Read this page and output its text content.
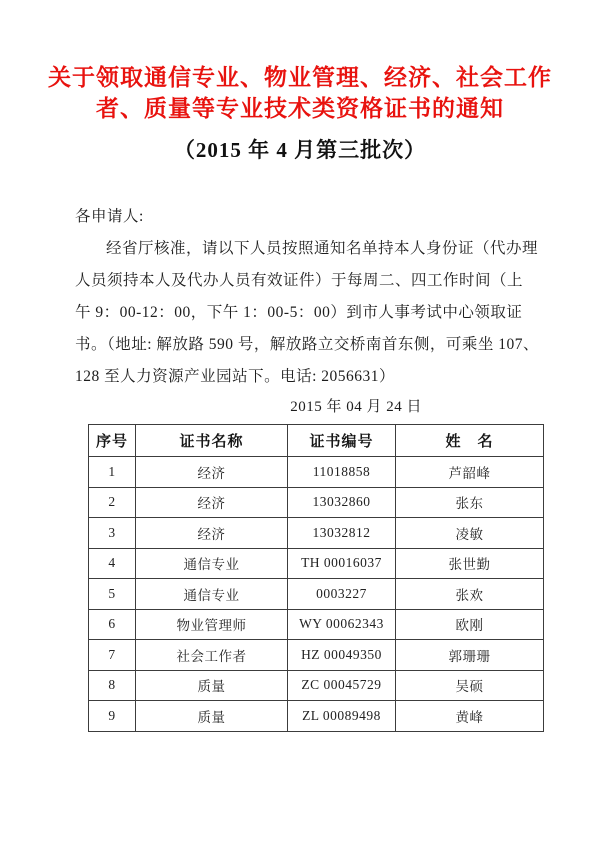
关于领取通信专业、物业管理、经济、社会工作
者、质量等专业技术类资格证书的通知
（2015 年 4 月第三批次）
各申请人:
经省厅核准，请以下人员按照通知名单持本人身份证（代办理
人员须持本人及代办人员有效证件）于每周二、四工作时间（上
午 9：00-12：00，下午 1：00-5：00）到市人事考试中心领取证
书。（地址: 解放路 590 号，解放路立交桥南首东侧，可乘坐 107、
128 至人力资源产业园站下。电话: 2056631）
2015 年 04 月 24 日
序号	证书名称	证书编号	姓　名
1	经济	11018858	芦韶峰
2	经济	13032860	张东
3	经济	13032812	凌敏
4	通信专业	TH 00016037	张世勤
5	通信专业	0003227	张欢
6	物业管理师	WY 00062343	欧刚
7	社会工作者	HZ 00049350	郭珊珊
8	质量	ZC 00045729	吴硕
9	质量	ZL 00089498	黄峰
